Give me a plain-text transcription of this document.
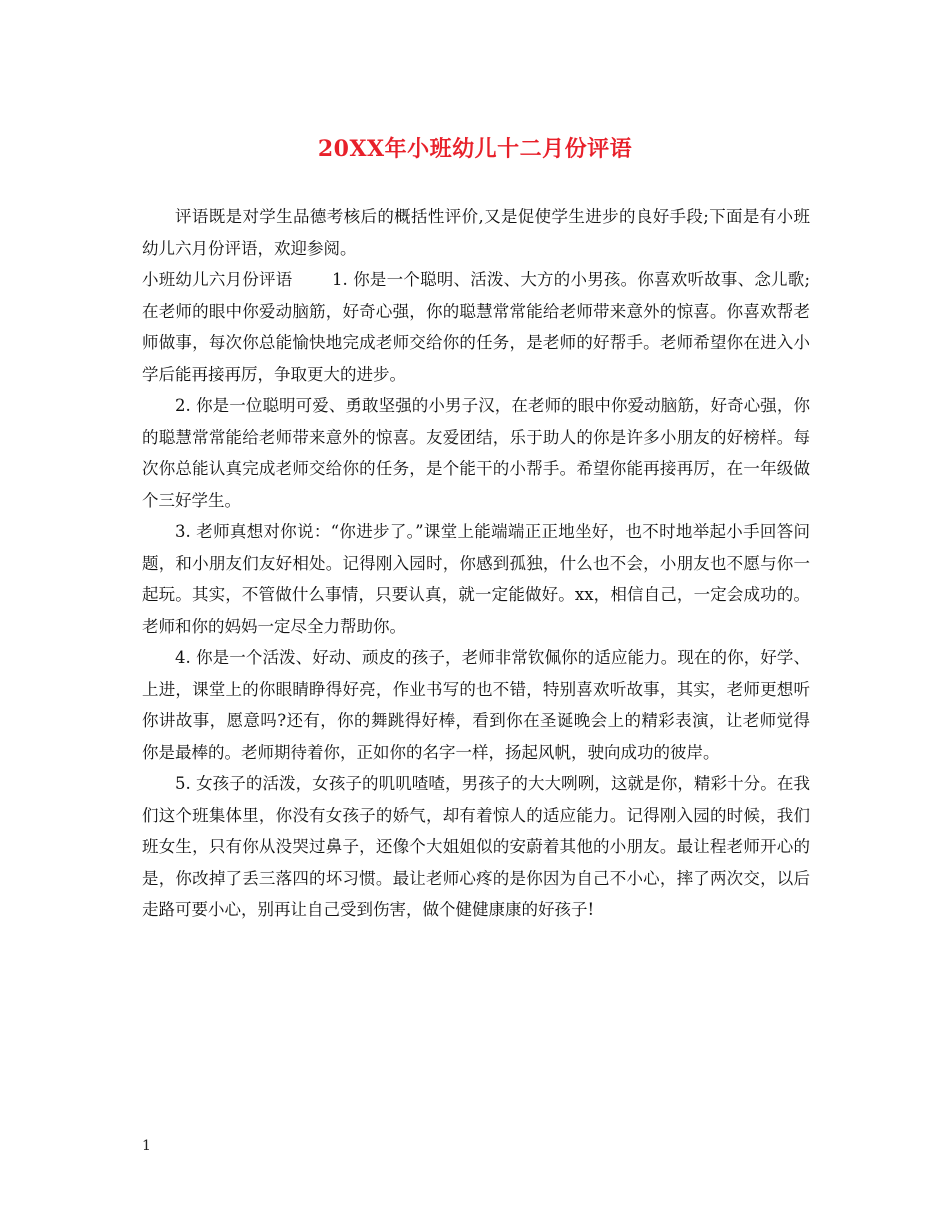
20XX年小班幼儿十二月份评语

评语既是对学生品德考核后的概括性评价,又是促使学生进步的良好手段;下面是有小班幼儿六月份评语，欢迎参阅。

小班幼儿六月份评语 1. 你是一个聪明、活泼、大方的小男孩。你喜欢听故事、念儿歌;在老师的眼中你爱动脑筋，好奇心强，你的聪慧常常能给老师带来意外的惊喜。你喜欢帮老师做事，每次你总能愉快地完成老师交给你的任务，是老师的好帮手。老师希望你在进入小学后能再接再厉，争取更大的进步。

2. 你是一位聪明可爱、勇敢坚强的小男子汉，在老师的眼中你爱动脑筋，好奇心强，你的聪慧常常能给老师带来意外的惊喜。友爱团结，乐于助人的你是许多小朋友的好榜样。每次你总能认真完成老师交给你的任务，是个能干的小帮手。希望你能再接再厉，在一年级做个三好学生。

3. 老师真想对你说：“你进步了。”课堂上能端端正正地坐好，也不时地举起小手回答问题，和小朋友们友好相处。记得刚入园时，你感到孤独，什么也不会，小朋友也不愿与你一起玩。其实，不管做什么事情，只要认真，就一定能做好。xx，相信自己，一定会成功的。老师和你的妈妈一定尽全力帮助你。

4. 你是一个活泼、好动、顽皮的孩子，老师非常钦佩你的适应能力。现在的你，好学、上进，课堂上的你眼睛睁得好亮，作业书写的也不错，特别喜欢听故事，其实，老师更想听你讲故事，愿意吗?还有，你的舞跳得好棒，看到你在圣诞晚会上的精彩表演，让老师觉得你是最棒的。老师期待着你，正如你的名字一样，扬起风帆，驶向成功的彼岸。

5. 女孩子的活泼，女孩子的叽叽喳喳，男孩子的大大咧咧，这就是你，精彩十分。在我们这个班集体里，你没有女孩子的娇气，却有着惊人的适应能力。记得刚入园的时候，我们班女生，只有你从没哭过鼻子，还像个大姐姐似的安蔚着其他的小朋友。最让程老师开心的是，你改掉了丢三落四的坏习惯。最让老师心疼的是你因为自己不小心，摔了两次交，以后走路可要小心，别再让自己受到伤害，做个健健康康的好孩子!

1
